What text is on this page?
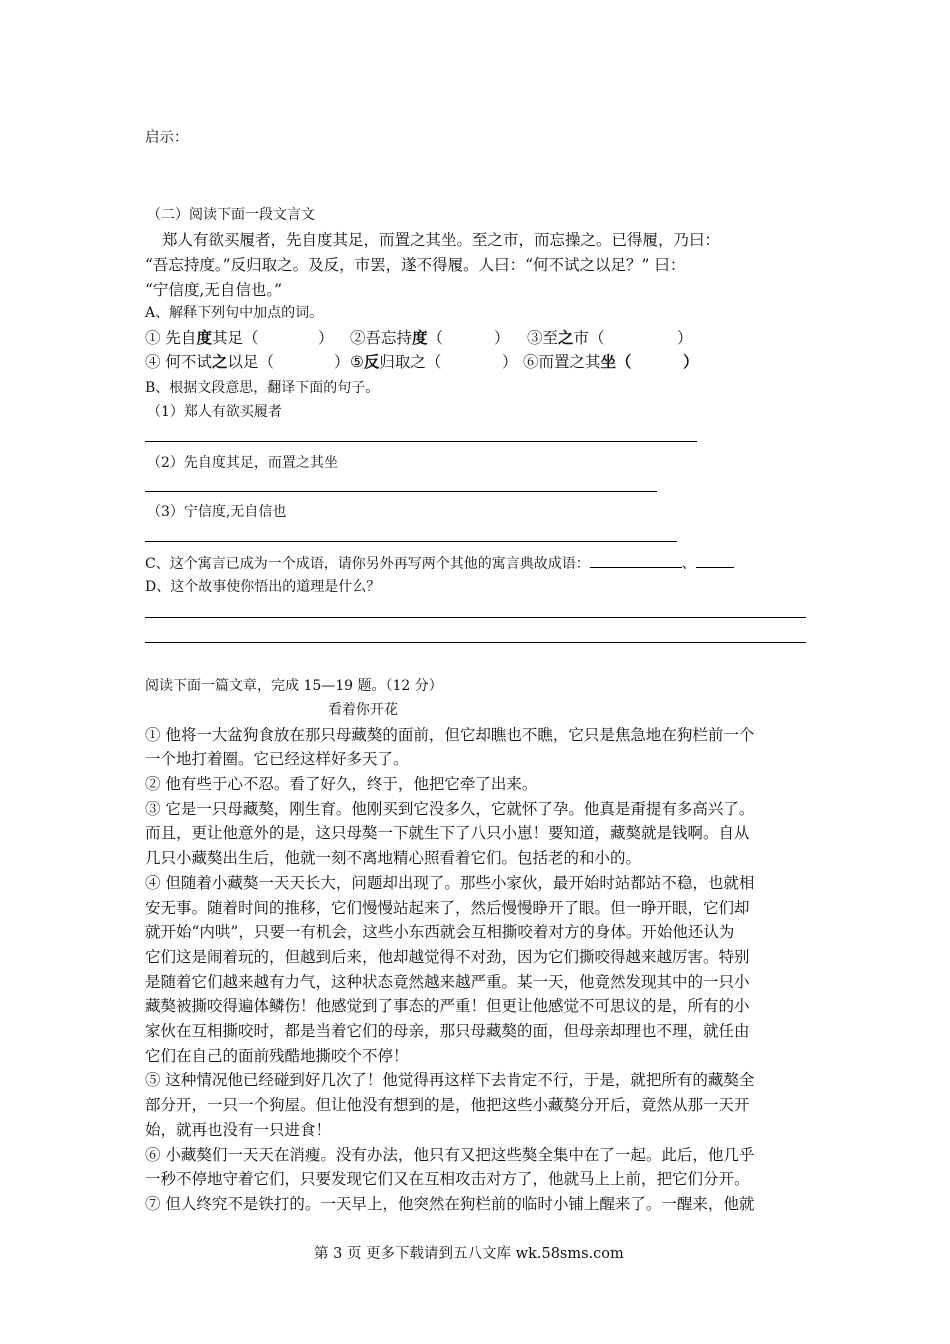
启示：
（二）阅读下面一段文言文
郑人有欲买履者，先自度其足，而置之其坐。至之市，而忘操之。已得履，乃曰：
“吾忘持度。”反归取之。及反，市罢，遂不得履。人曰：“何不试之以足？” 曰：
“宁信度,无自信也。”
A、解释下列句中加点的词。
① 先自度其足（	） ②吾忘持度（	） ③至之市（	）
④ 何不试之以足（	） ⑤反归取之（	） ⑥而置之其坐（	）
B、根据文段意思，翻译下面的句子。
（1）郑人有欲买履者
（2）先自度其足，而置之其坐
（3）宁信度,无自信也
C、这个寓言已成为一个成语，请你另外再写两个其他的寓言典故成语：	、
D、这个故事使你悟出的道理是什么？
阅读下面一篇文章，完成 15—19 题。（12 分）
看着你开花
① 他将一大盆狗食放在那只母藏獒的面前，但它却瞧也不瞧，它只是焦急地在狗栏前一个
一个地打着圈。它已经这样好多天了。
② 他有些于心不忍。看了好久，终于，他把它牵了出来。
③ 它是一只母藏獒，刚生育。他刚买到它没多久，它就怀了孕。他真是甭提有多高兴了。
而且，更让他意外的是，这只母獒一下就生下了八只小崽！要知道，藏獒就是钱啊。自从
几只小藏獒出生后，他就一刻不离地精心照看着它们。包括老的和小的。
④ 但随着小藏獒一天天长大，问题却出现了。那些小家伙，最开始时站都站不稳，也就相
安无事。随着时间的推移，它们慢慢站起来了，然后慢慢睁开了眼。但一睁开眼，它们却
就开始“内哄”，只要一有机会，这些小东西就会互相撕咬着对方的身体。开始他还认为
它们这是闹着玩的，但越到后来，他却越觉得不对劲，因为它们撕咬得越来越厉害。特别
是随着它们越来越有力气，这种状态竟然越来越严重。某一天，他竟然发现其中的一只小
藏獒被撕咬得遍体鳞伤！他感觉到了事态的严重！但更让他感觉不可思议的是，所有的小
家伙在互相撕咬时，都是当着它们的母亲，那只母藏獒的面，但母亲却理也不理，就任由
它们在自己的面前残酷地撕咬个不停！
⑤ 这种情况他已经碰到好几次了！他觉得再这样下去肯定不行，于是，就把所有的藏獒全
部分开，一只一个狗屋。但让他没有想到的是，他把这些小藏獒分开后，竟然从那一天开
始，就再也没有一只进食！
⑥ 小藏獒们一天天在消瘦。没有办法，他只有又把这些獒全集中在了一起。此后，他几乎
一秒不停地守着它们，只要发现它们又在互相攻击对方了，他就马上上前，把它们分开。
⑦ 但人终究不是铁打的。一天早上，他突然在狗栏前的临时小铺上醒来了。一醒来，他就
第 3 页 更多下载请到五八文库 wk.58sms.com
